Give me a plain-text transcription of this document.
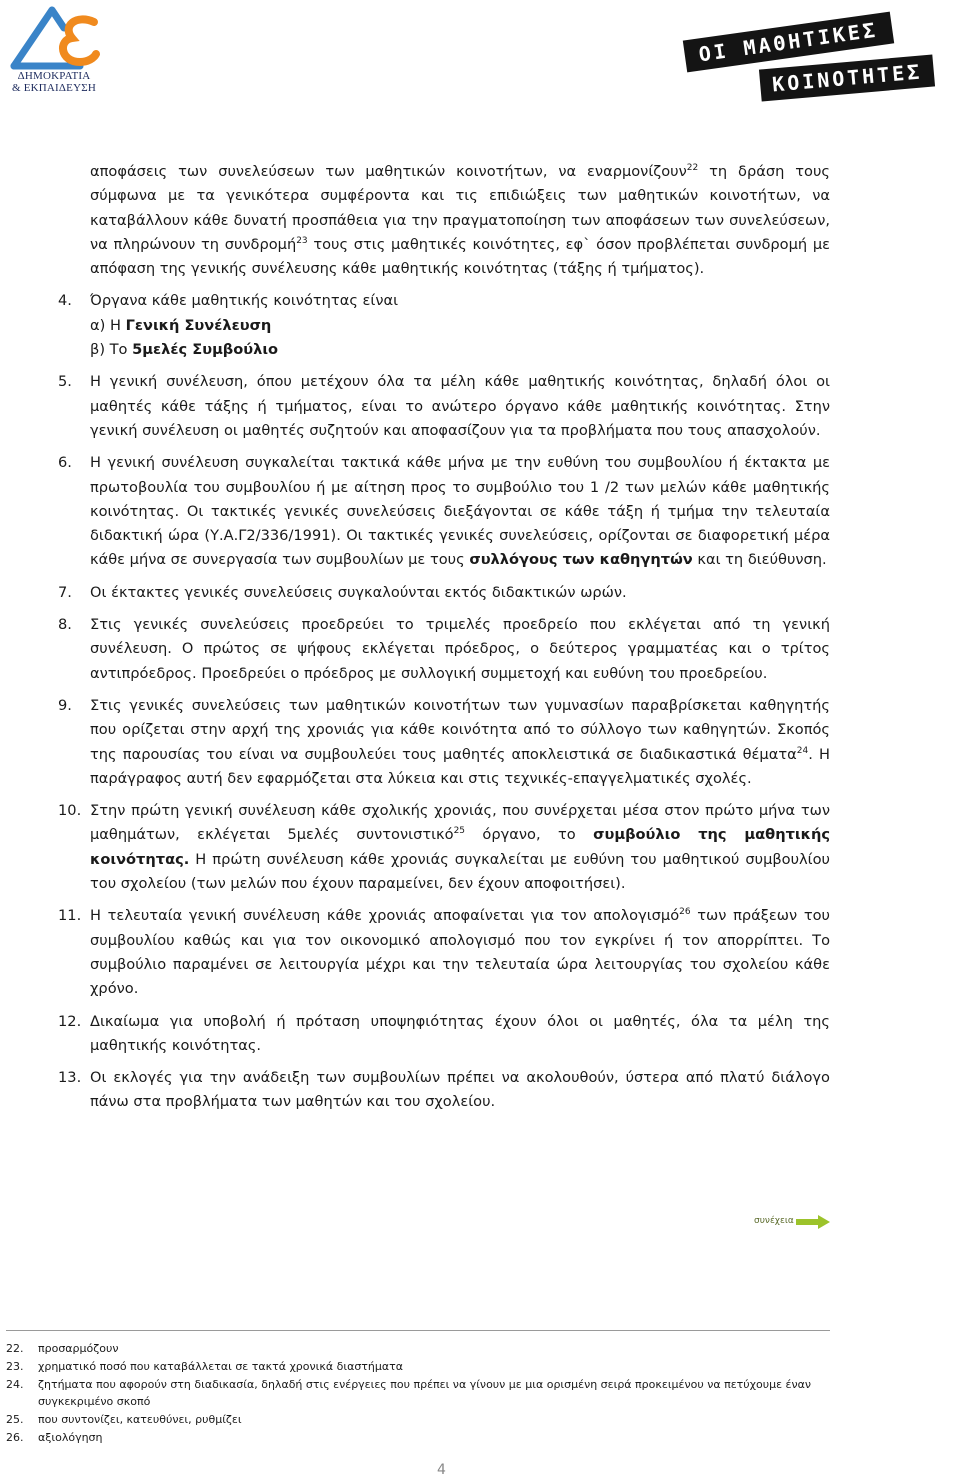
ΔΗΜΟΚΡΑΤΙΑ
& ΕΚΠΑΙΔΕΥΣΗ
ΟΙ ΜΑΘΗΤΙΚΕΣ
ΚΟΙΝΟΤΗΤΕΣ

αποφάσεις των συνελεύσεων των μαθητικών κοινοτήτων, να εναρμονίζουν$^{22}$ τη δράση τους σύμφωνα με τα γενικότερα συμφέροντα και τις επιδιώξεις των μαθητικών κοινοτήτων, να καταβάλλουν κάθε δυνατή προσπάθεια για την πραγματοποίηση των αποφάσεων των συνελεύσεων, να πληρώνουν τη συνδρομή$^{23}$ τους στις μαθητικές κοινότητες, εφ` όσον προβλέπεται συνδρομή με απόφαση της γενικής συνέλευσης κάθε μαθητικής κοινότητας (τάξης ή τμήματος).

4.	Όργανα κάθε μαθητικής κοινότητας είναι

α) Η Γενική Συνέλευση

β) Το 5μελές Συμβούλιο

5.	Η γενική συνέλευση, όπου μετέχουν όλα τα μέλη κάθε μαθητικής κοινότητας, δηλαδή όλοι οι μαθητές κάθε τάξης ή τμήματος, είναι το ανώτερο όργανο κάθε μαθητικής κοινότητας. Στην γενική συνέλευση οι μαθητές συζητούν και αποφασίζουν για τα προβλήματα που τους απασχολούν.

6.	Η γενική συνέλευση συγκαλείται τακτικά κάθε μήνα με την ευθύνη του συμβουλίου ή έκτακτα με πρωτοβουλία του συμβουλίου ή με αίτηση προς το συμβούλιο του 1 /2 των μελών κάθε μαθητικής κοινότητας. Οι τακτικές γενικές συνελεύσεις διεξάγονται σε κάθε τάξη ή τμήμα την τελευταία διδακτική ώρα (Υ.Α.Γ2/336/1991). Οι τακτικές γενικές συνελεύσεις, ορίζονται σε διαφορετική μέρα κάθε μήνα σε συνεργασία των συμβουλίων με τους συλλόγους των καθηγητών και τη διεύθυνση.

7.	Οι έκτακτες γενικές συνελεύσεις συγκαλούνται εκτός διδακτικών ωρών.

8.	Στις γενικές συνελεύσεις προεδρεύει το τριμελές προεδρείο που εκλέγεται από τη γενική συνέλευση. Ο πρώτος σε ψήφους εκλέγεται πρόεδρος, ο δεύτερος γραμματέας και ο τρίτος αντιπρόεδρος. Προεδρεύει ο πρόεδρος με συλλογική συμμετοχή και ευθύνη του προεδρείου.

9.	Στις γενικές συνελεύσεις των μαθητικών κοινοτήτων των γυμνασίων παραβρίσκεται καθηγητής που ορίζεται στην αρχή της χρονιάς για κάθε κοινότητα από το σύλλογο των καθηγητών. Σκοπός της παρουσίας του είναι να συμβουλεύει τους μαθητές αποκλειστικά σε διαδικαστικά θέματα$^{24}$. Η παράγραφος αυτή δεν εφαρμόζεται στα λύκεια και στις τεχνικές-επαγγελματικές σχολές.

10. Στην πρώτη γενική συνέλευση κάθε σχολικής χρονιάς, που συνέρχεται μέσα στον πρώτο μήνα των μαθημάτων, εκλέγεται 5μελές συντονιστικό$^{25}$ όργανο, το συμβούλιο της μαθητικής κοινότητας. Η πρώτη συνέλευση κάθε χρονιάς συγκαλείται με ευθύνη του μαθητικού συμβουλίου του σχολείου (των μελών που έχουν παραμείνει, δεν έχουν αποφοιτήσει).

11. Η τελευταία γενική συνέλευση κάθε χρονιάς αποφαίνεται για τον απολογισμό$^{26}$ των πράξεων του συμβουλίου καθώς και για τον οικονομικό απολογισμό που τον εγκρίνει ή τον απορρίπτει. Το συμβούλιο παραμένει σε λειτουργία μέχρι και την τελευταία ώρα λειτουργίας του σχολείου κάθε χρόνο.

12. Δικαίωμα για υποβολή ή πρόταση υποψηφιότητας έχουν όλοι οι μαθητές, όλα τα μέλη της μαθητικής κοινότητας.

13. Οι εκλογές για την ανάδειξη των συμβουλίων πρέπει να ακολουθούν, ύστερα από πλατύ διάλογο πάνω στα προβλήματα των μαθητών και του σχολείου.

συνέχεια
22. προσαρμόζουν
23. χρηματικό ποσό που καταβάλλεται σε τακτά χρονικά διαστήματα
24. ζητήματα που αφορούν στη διαδικασία, δηλαδή στις ενέργειες που πρέπει να γίνουν με μια ορισμένη σειρά προκειμένου να πετύχουμε έναν συγκεκριμένο σκοπό
25. που συντονίζει, κατευθύνει, ρυθμίζει
26. αξιολόγηση
4
